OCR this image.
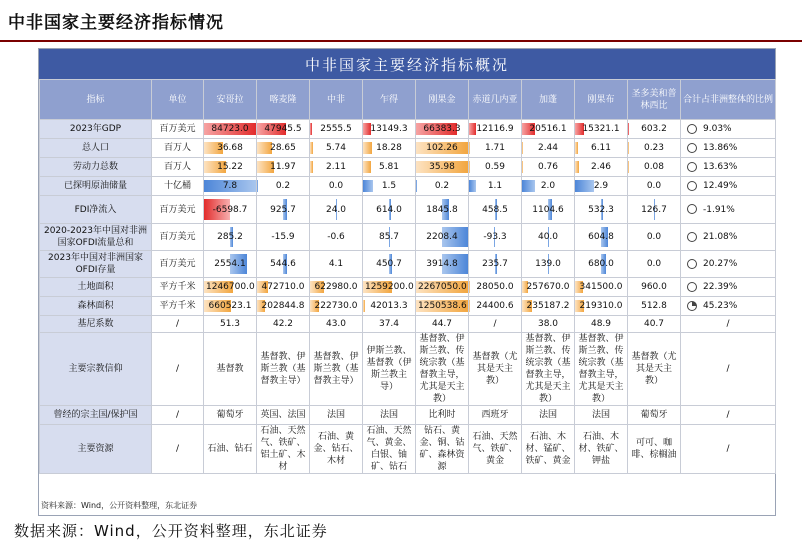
中非国家主要经济指标情况
中非国家主要经济指标概况
指标	单位	安哥拉	喀麦隆	中非	乍得	刚果金	赤道几内亚	加蓬	刚果布	圣多美和普林西比	合计占非洲整体的比例
2023年GDP	百万美元	84723.0	47945.5	2555.5	13149.3	66383.3	12116.9	20516.1	15321.1	603.2	9.03%
总人口	百万人	36.68	28.65	5.74	18.28	102.26	1.71	2.44	6.11	0.23	13.86%
劳动力总数	百万人	15.22	11.97	2.11	5.81	35.98	0.59	0.76	2.46	0.08	13.63%
已探明原油储量	十亿桶	7.8	0.2	0.0	1.5	0.2	1.1	2.0	2.9	0.0	12.49%
FDI净流入	百万美元	-6598.7	925.7	24.0	614.0	1845.8	458.5	1104.6	532.3	126.7	-1.91%
2020-2023年中国对非洲国家OFDI流量总和	百万美元	285.2	-15.9	-0.6	85.7	2208.4	-93.3	40.0	604.8	0.0	21.08%
2023年中国对非洲国家OFDI存量	百万美元	2554.1	544.6	4.1	450.7	3914.8	235.7	139.0	680.0	0.0	20.27%
土地面积	平方千米	1246700.0	472710.0	622980.0	1259200.0	2267050.0	28050.0	257670.0	341500.0	960.0	22.39%
森林面积	平方千米	660523.1	202844.8	222730.0	42013.3	1250538.6	24400.6	235187.2	219310.0	512.8	45.23%
基尼系数	/	51.3	42.2	43.0	37.4	44.7	/	38.0	48.9	40.7	/
主要宗教信仰	/	基督教	基督教、伊斯兰教（基督教主导）	基督教、伊斯兰教（基督教主导）	伊斯兰教、基督教（伊斯兰教主导）	基督教、伊斯兰教、传统宗教（基督教主导，尤其是天主教）	基督教（尤其是天主教）	基督教、伊斯兰教、传统宗教（基督教主导，尤其是天主教）	基督教、伊斯兰教、传统宗教（基督教主导，尤其是天主教）	基督教（尤其是天主教）	/
曾经的宗主国/保护国	/	葡萄牙	英国、法国	法国	法国	比利时	西班牙	法国	法国	葡萄牙	/
主要资源	/	石油、钻石	石油、天然气、铁矿、铝土矿、木材	石油、黄金、钻石、木材	石油、天然气、黄金、白银、铀矿、钻石	钻石、黄金、铜、钴矿、森林资源	石油、天然气、铁矿、黄金	石油、木材、锰矿、铁矿、黄金	石油、木材、铁矿、钾盐	可可、咖啡、棕榈油	/
资料来源：Wind，公开资料整理，东北证券
数据来源：Wind，公开资料整理，东北证券
